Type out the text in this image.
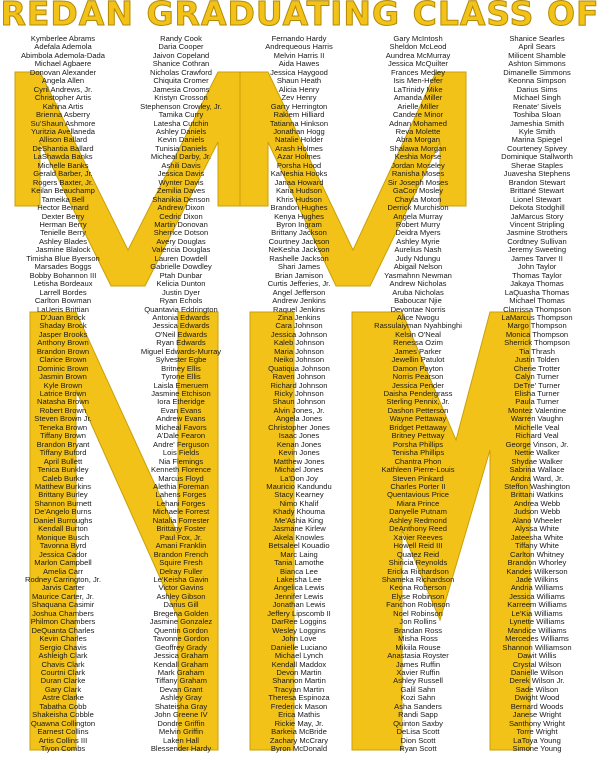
REDAN GRADUATING CLASS OF
Kymberlee Abrams
Adefala Ademola
Abimbola Ademola-Dada
Michael Agbaere
Donovan Alexander
Angela Allen
Cyril Andrews, Jr.
Christopher Artis
Kahina Artis
Brienna Asberry
Su'Shaun Ashmore
Yuritzia Avellaneda
Allison Ballard
DeShantia Ballard
LaShawda Banks
Michelle Banks
Gerald Barber, Jr.
Rogers Baxter, Jr.
Keilan Beauchamp
Tameika Bell
Hector Bernard
Dexter Berry
Herman Berry
Tenielle Berry
Ashley Blades
Jasmine Blalock
Timisha Blue Byerson
Marsades Boggs
Bobby Bohannon III
Letisha Bordeaux
Larrell Bordes
Carlton Bowman
LaUeris Brittian
D'Juan Brock
Shaday Brock
Jasper Brooks
Anthony Brown
Brandon Brown
Clarice Brown
Dominic Brown
Jasmin Brown
Kyle Brown
Latrice Brown
Natasha Brown
Robert Brown
Steven Brown Jr.
Teneka Brown
Tiffany Brown
Brandon Bryant
Tiffany Buford
April Bullett
Tenica Bunkley
Caleb Burke
Matthew Burkins
Brittany Burley
Shannon Burnett
De'Angelo Burns
Daniel Burroughs
Kendall Burton
Monique Busch
Tavonna Byrd
Jessica Cador
Marlon Campbell
Amelia Carr
Rodney Carrington, Jr.
Jarvis Carter
Maurice Carter, Jr.
Shaquana Casimir
Joshua Chambers
Philmon Chambers
DeQuanta Charles
Kevin Charles
Sergio Chavis
Ashleigh Clark
Chavis Clark
Courtni Clark
Duran Clarke
Gary Clark
Astre Clarke
Tabatha Cobb
Shakeisha Cobble
Quawna Collington
Earnest Collins
Artis Collins III
Tiyon Combs
Randy Cook
Daria Cooper
Jaivon Copeland
Shanice Cothran
Nicholas Crawford
Chiquita Cromer
Jamesia Crooms
Kristyn Crosson
Stephenson Crowley, Jr.
Tamika Curry
Latesha Cutchin
Ashley Daniels
Kevin Daniels
Tunisia Daniels
Micheal Darby, Jr.
Ashili Davis
Jessica Davis
Wynter Davis
Zemilia Daves
Shanikia Denson
Andrew Dixon
Cedric Dixon
Martin Donovan
Sherrice Dotson
Avery Douglas
Valencia Douglas
Lauren Dowdell
Gabrielle Dowdley
Ptah Dunbar
Kelicia Dunton
Justin Dyer
Ryan Echols
Quantavia Eddrington
Antonia Edwards
Jessica Edwards
O'Neil Edwards
Ryan Edwards
Miguel Edwards-Murray
Sylvester Egbe
Britney Ellis
Tyrone Ellis
Laisla Emeruem
Jasmine Etchison
Iora Etheridge
Evan Evans
Andrew Evans
Micheal Favors
A'Dale Fearon
Andre' Ferguson
Lois Fields
Nia Flemings
Kenneth Florence
Marcus Floyd
Alethia Foreman
Lahens Forges
Lehani Forges
Michaele Forrest
Natalia Forrester
Brittany Foster
Paul Fox, Jr.
Amani Franklin
Brandon French
Squire Fresh
Delray Fuller
Le'Keisha Gavin
Victor Gavins
Ashley Gibson
Darius Gill
Bregena Golden
Jasmine Gonzalez
Quentin Gordon
Tavonne Gordon
Geoffrey Grady
Jessica Graham
Kendall Graham
Mark Graham
Tiffany Graham
Devan Grant
Ashley Gray
Shateisha Gray
John Greene IV
Dondre Griffin
Melvin Griffin
Laken Hall
Blessender Hardy
Fernando Hardy
Andrequeous Harris
Melvin Harris II
Aida Hawes
Jessica Haygood
Shaun Heath
Alicia Henry
Zev Henry
Garry Herrington
Rakiem Hilliard
Tatianna Hinkson
Jonathan Hogg
Natalie Holder
Arash Holmes
Azar Holmes
Porsha Hood
KaNeshia Hooks
Janaa Howard
Karia Hudson
Khris Hudson
Brandon Hughes
Kenya Hughes
Byron Ingram
Brittany Jackson
Courtney Jackson
NeKesha Jackson
Rashelle Jackson
Shari James
Brian Jamison
Curtis Jefferies, Jr.
Angel Jefferson
Andrew Jenkins
Raquel Jenkins
Zina Jenkins
Cara Johnson
Jessica Johnson
Kaleb Johnson
Maria Johnson
Neiko Johnson
Quatiqua Johnson
Raven Johnson
Richard Johnson
Ricky Johnson
Shaun Johnson
Alvin Jones, Jr.
Angela Jones
Christopher Jones
Isaac Jones
Kenan Jones
Kevin Jones
Matthew Jones
Michael Jones
La'Don Joy
Mauricio Kandundu
Stacy Kearney
Nimo Khalif
Khady Khouma
Me'Ashia King
Jasmane Kirlew
Akela Knowles
Betsaleel Kouadio
Marc Laing
Tania Lamothe
Bianca Lee
Lakeisha Lee
Angelica Lewis
Jennifer Lewis
Jonathan Lewis
Jeffery Lipscomb II
DarRee Loggins
Wesley Loggins
John Love
Danielle Luciano
Michael Lynch
Kendall Maddox
Devon Martin
Shannon Martin
Tracyan Martin
Theresa Espinoza
Frederick Mason
Erica Mathis
Rickie May, Jr.
Barkeia McBride
Zachary McCrary
Byron McDonald
Gary McIntosh
Sheldon McLeod
Aundrea McMurray
Jessica McQuilter
Frances Medley
Isis Men-Hefer
LaTrinidy Mike
Amanda Miller
Arielle Miller
Candere Minor
Adnan Mohamed
Reva Molette
Abra Morgan
Shalawa Morgan
Keshia Morse
Jordan Moseley
Ranisha Moses
Sir Joseph Moses
GaCori Mosley
Chayla Moton
Derrick Murchison
Angela Murray
Robert Murry
Deidra Myers
Ashley Myrie
Aurelius Nash
Judy Ndungu
Abigail Nelson
Yasmahnn Newman
Andrew Nicholas
Aruba Nicholas
Baboucar Njie
Devontae Norris
Alice Nwogu
Rassulaiyman Nyahbinghi
Kelsin O'Neal
Renessa Ozim
James Parker
Jewellin Patulot
Damon Payton
Norris Pearson
Jessica Pender
Daisha Pendergrass
Sterling Pennix, Jr.
Dashon Petterson
Wayne Pettaway
Bridget Pettaway
Britney Pettway
Porsha Phillips
Tenisha Phillips
Chantra Phon
Kathleen Pierre-Louis
Steven Pinkard
Charles Porter II
Quentavious Price
Miara Prince
Danyelle Putnam
Ashley Redmond
DeAnthony Reed
Xavier Reeves
Howell Reid III
Quatez Reid
Shiricia Reynolds
Ericka Richardson
Shameka Richardson
Keona Roberson
Elyse Robinson
Fanchon Robinson
Noel Robinson
Jon Rollins
Brandan Ross
Misha Ross
Mikiila Rouse
Anastasia Royster
James Ruffin
Xavier Ruffin
Ashley Russell
Galil Sahn
Kozi Sahn
Asha Sanders
Randi Sapp
Quinton Saxby
DeLisa Scott
Dion Scott
Ryan Scott
Shanice Searles
April Sears
Milicent Shamble
Ashton Simmons
Dimanelle Simmons
Keonna Simpson
Darius Sims
Michael Singh
Renate' Sivels
Toshiba Sloan
Jameshia Smith
Kyle Smith
Marina Spiegel
Courteney Spivey
Dominique Stallworth
Sherae Staples
Juavesha Stephens
Brandon Stewart
Brittané Stewart
Lionel Stewart
Dekota Stodghill
JaMarcus Story
Vincent Stripling
Jasmine Strothers
Cordtney Sullivan
Jeremy Sweeting
James Tarver II
John Taylor
Thomas Taylor
Jakaya Thomas
LaQuasha Thomas
Michael Thomas
Clarrissa Thompson
LaMarcus Thompson
Margo Thompson
Monica Thompson
Sherrick Thompson
Tia Thrash
Justin Tolden
Cherie Trotter
Calyn Turner
DeTre' Turner
Elisha Turner
Paula Turner
Montez Valentine
Warren Vaughn
Michelle Veal
Richard Veal
George Vinson, Jr.
Nettie Walker
Shydae Walker
Sabrina Wallace
Andra Ward, Jr.
Steffon Washington
Brittani Watkins
Andrea Webb
Judson Webb
Alano Wheeler
Alyssa White
Jateesha White
Tiffany White
Carlton Whitney
Brandon Whorley
Kandes Wilkerson
Jade Wilkins
Andria Williams
Jessica Williams
Karreem Williams
Le'Kia Williams
Lynette Williams
Mandice Williams
Mercedes Williams
Shannon Williamson
Dawit Willis
Crystal Wilson
Danielle Wilson
Derek Wilson Jr.
Sade Wilson
Dwight Wood
Bernard Woods
Janese Wright
Santhony Wright
Torre Wright
LaToya Young
Simone Young
